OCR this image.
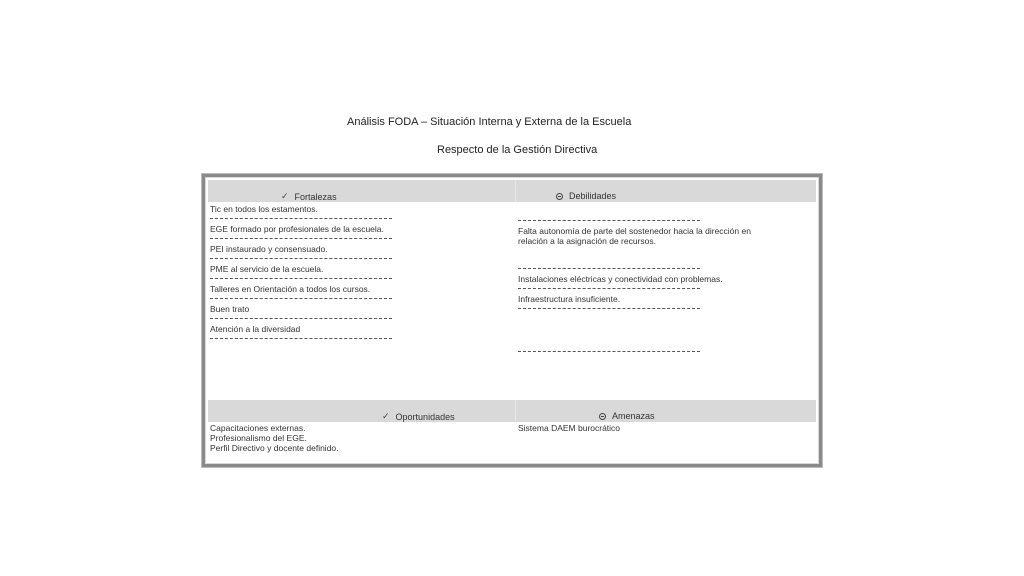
Análisis FODA – Situación Interna y Externa de la Escuela
Respecto de la Gestión Directiva
✓ Fortalezas	Debilidades
Tic en todos los estamentos.
EGE formado por profesionales de la escuela.
PEI instaurado y consensuado.
PME al servicio de la escuela.
Talleres en Orientación a todos los cursos.
Buen trato
Atención a la diversidad
Falta autonomía de parte del sostenedor hacia la dirección en relación a la asignación de recursos.
Instalaciones eléctricas y conectividad con problemas.
Infraestructura insuficiente.
✓ Oportunidades	Amenazas
Capacitaciones externas.
Profesionalismo del EGE.
Perfil Directivo y docente definido.
Sistema DAEM burocrático
